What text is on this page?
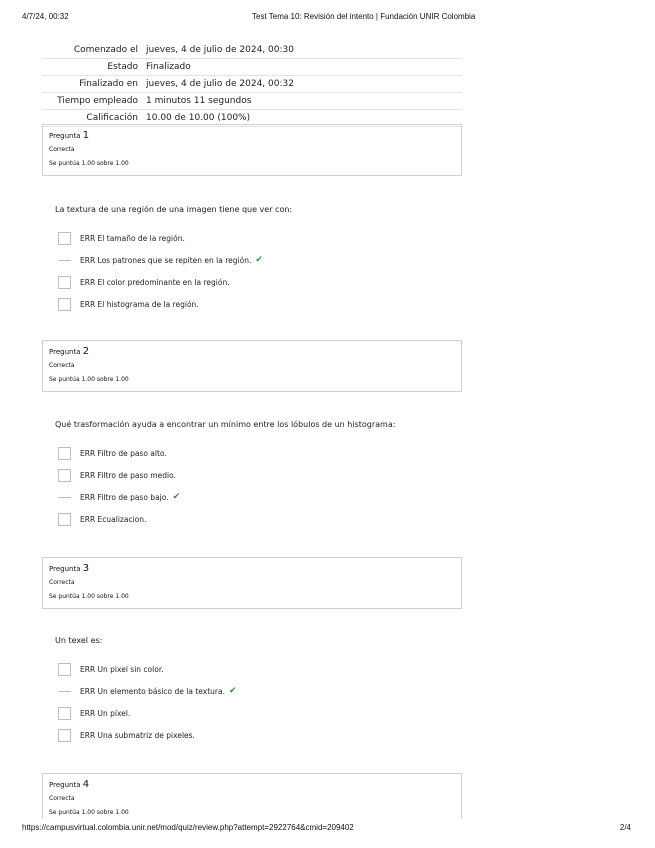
4/7/24, 00:32	Test Tema 10: Revisión del intento | Fundación UNIR Colombia
Comenzado el	jueves, 4 de julio de 2024, 00:30
Estado	Finalizado
Finalizado en	jueves, 4 de julio de 2024, 00:32
Tiempo empleado	1 minutos 11 segundos
Calificación	10.00 de 10.00 (100%)
Pregunta 1
Correcta
Se puntúa 1.00 sobre 1.00
La textura de una región de una imagen tiene que ver con:
ERR El tamaño de la región.
ERR Los patrones que se repiten en la región. ✔
ERR El color predominante en la región.
ERR El histograma de la región.
Pregunta 2
Correcta
Se puntúa 1.00 sobre 1.00
Qué trasformación ayuda a encontrar un mínimo entre los lóbulos de un histograma:
ERR Filtro de paso alto.
ERR Filtro de paso medio.
ERR Filtro de paso bajo. ✔
ERR Ecualizacion.
Pregunta 3
Correcta
Se puntúa 1.00 sobre 1.00
Un texel es:
ERR Un pixel sin color.
ERR Un elemento básico de la textura. ✔
ERR Un píxel.
ERR Una submatriz de pixeles.
Pregunta 4
Correcta
Se puntúa 1.00 sobre 1.00
https://campusvirtual.colombia.unir.net/mod/quiz/review.php?attempt=2922764&cmid=209402	2/4
